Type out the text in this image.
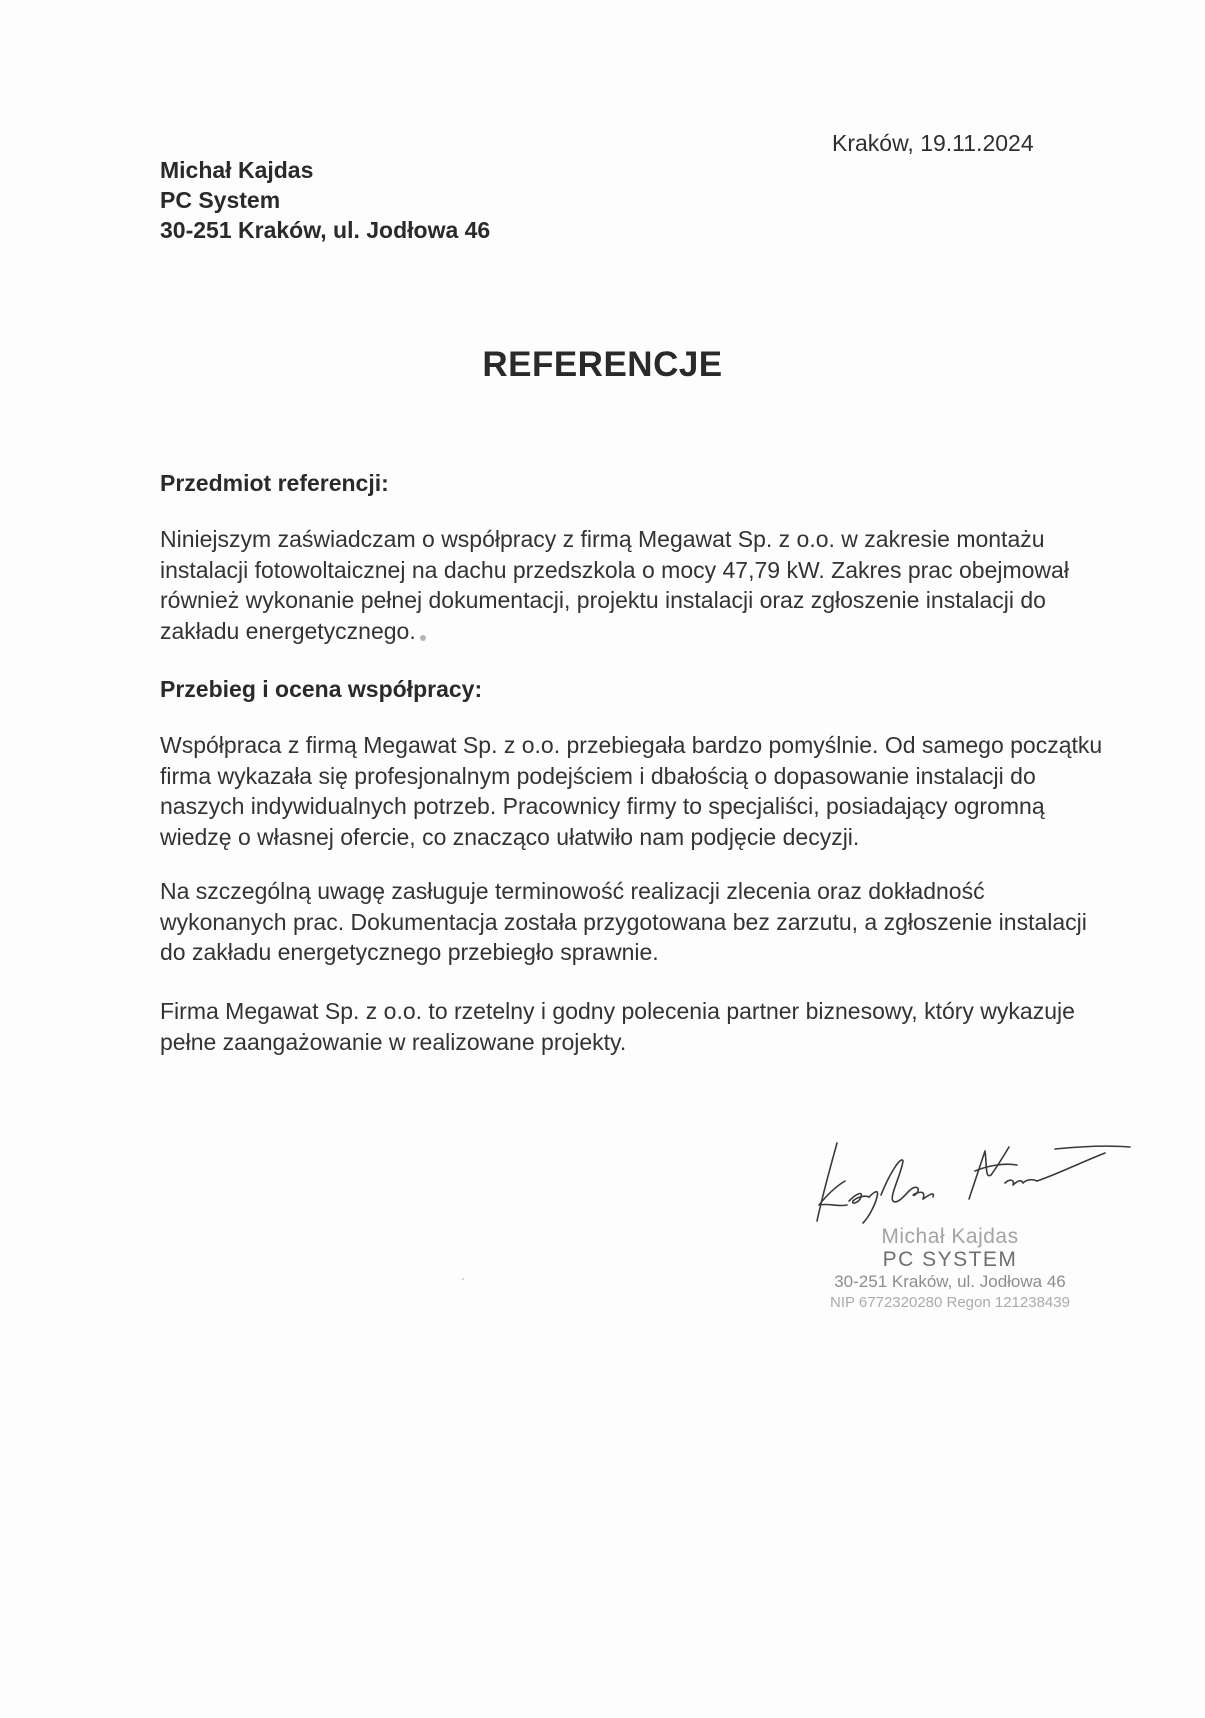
Michał Kajdas
PC System
30-251 Kraków, ul. Jodłowa 46
Kraków, 19.11.2024
REFERENCJE
Przedmiot referencji:
Niniejszym zaświadczam o współpracy z firmą Megawat Sp. z o.o. w zakresie montażu
instalacji fotowoltaicznej na dachu przedszkola o mocy 47,79 kW. Zakres prac obejmował
również wykonanie pełnej dokumentacji, projektu instalacji oraz zgłoszenie instalacji do
zakładu energetycznego.
Przebieg i ocena współpracy:
Współpraca z firmą Megawat Sp. z o.o. przebiegała bardzo pomyślnie. Od samego początku
firma wykazała się profesjonalnym podejściem i dbałością o dopasowanie instalacji do
naszych indywidualnych potrzeb. Pracownicy firmy to specjaliści, posiadający ogromną
wiedzę o własnej ofercie, co znacząco ułatwiło nam podjęcie decyzji.
Na szczególną uwagę zasługuje terminowość realizacji zlecenia oraz dokładność
wykonanych prac. Dokumentacja została przygotowana bez zarzutu, a zgłoszenie instalacji
do zakładu energetycznego przebiegło sprawnie.
Firma Megawat Sp. z o.o. to rzetelny i godny polecenia partner biznesowy, który wykazuje
pełne zaangażowanie w realizowane projekty.
Michał Kajdas
PC SYSTEM
30-251 Kraków, ul. Jodłowa 46
NIP 6772320280 Regon 121238439
